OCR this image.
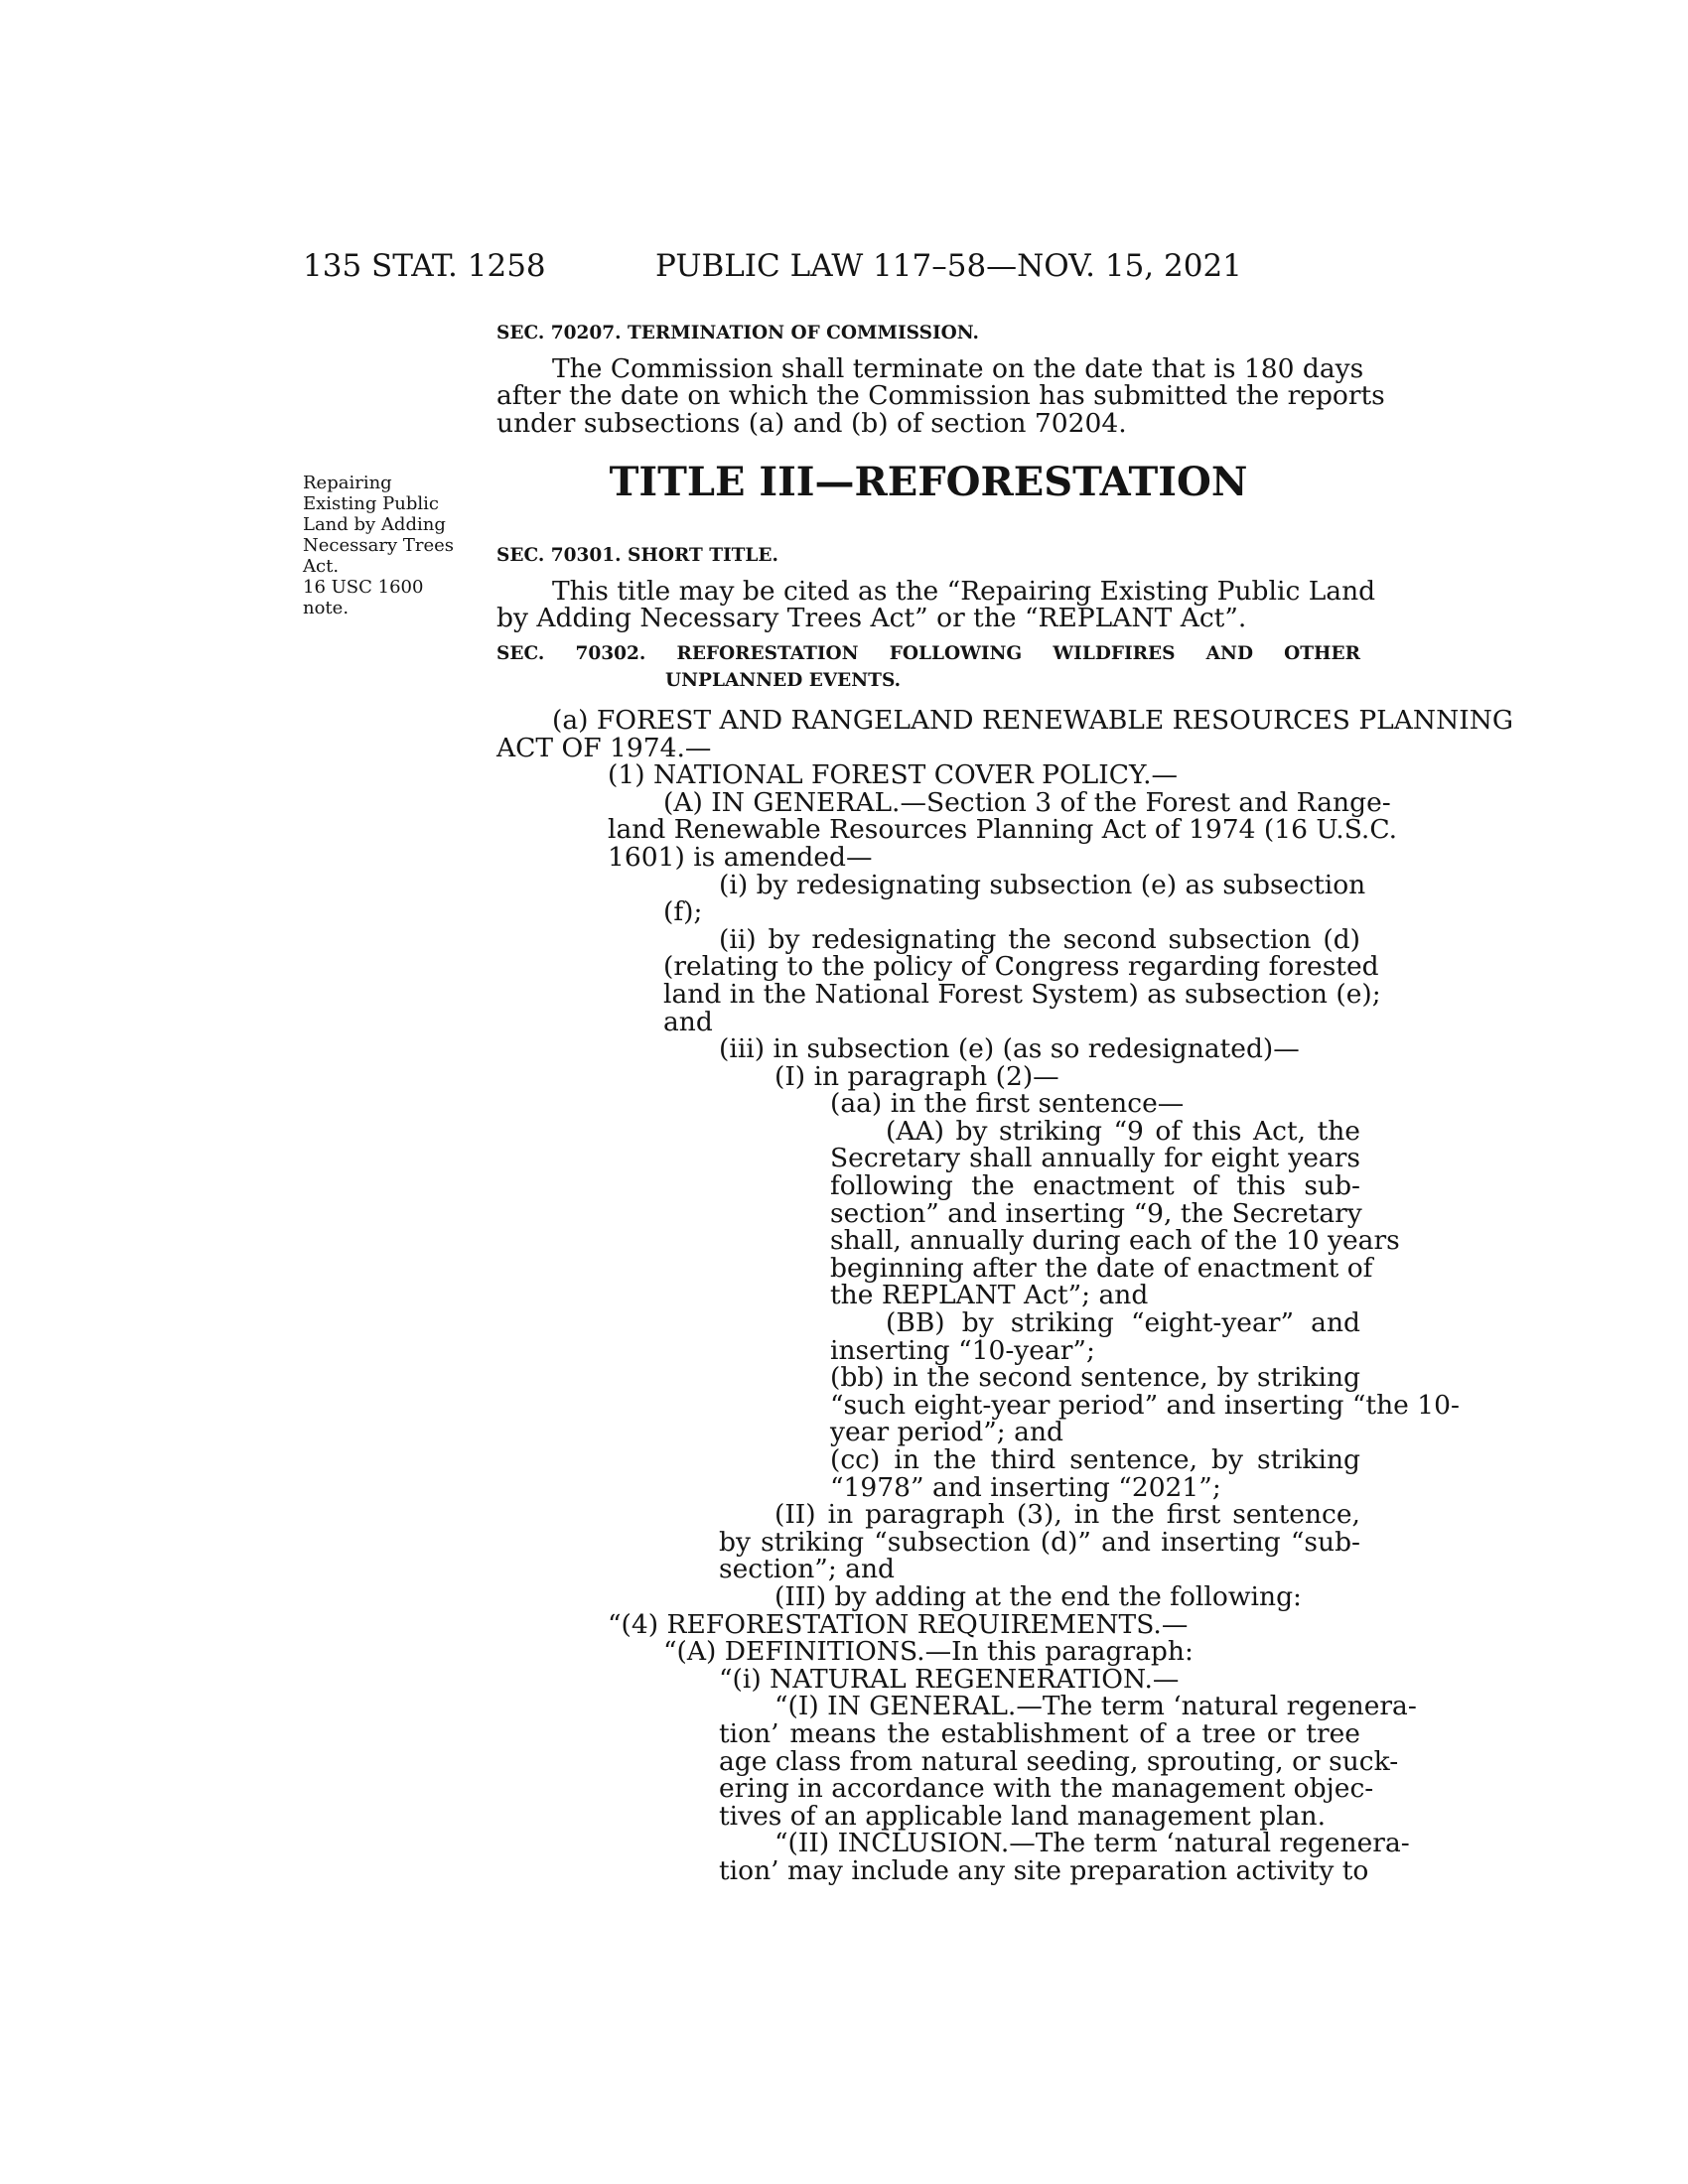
135 STAT. 1258	PUBLIC LAW 117–58—NOV. 15, 2021
Repairing
Existing Public
Land by Adding
Necessary Trees
Act.
16 USC 1600
note.
TITLE III—REFORESTATION
SEC. 70207. TERMINATION OF COMMISSION.
The Commission shall terminate on the date that is 180 days
after the date on which the Commission has submitted the reports
under subsections (a) and (b) of section 70204.
SEC. 70301. SHORT TITLE.
This title may be cited as the “Repairing Existing Public Land
by Adding Necessary Trees Act” or the “REPLANT Act”.
SEC. 70302. REFORESTATION FOLLOWING WILDFIRES AND OTHER
UNPLANNED EVENTS.
(a) FOREST AND RANGELAND RENEWABLE RESOURCES PLANNING
ACT OF 1974.—
(1) NATIONAL FOREST COVER POLICY.—
(A) IN GENERAL.—Section 3 of the Forest and Range-
land Renewable Resources Planning Act of 1974 (16 U.S.C.
1601) is amended—
(i) by redesignating subsection (e) as subsection
(f);
(ii) by redesignating the second subsection (d)
(relating to the policy of Congress regarding forested
land in the National Forest System) as subsection (e);
and
(iii) in subsection (e) (as so redesignated)—
(I) in paragraph (2)—
(aa) in the first sentence—
(AA) by striking “9 of this Act, the
Secretary shall annually for eight years
following the enactment of this sub-
section” and inserting “9, the Secretary
shall, annually during each of the 10 years
beginning after the date of enactment of
the REPLANT Act”; and
(BB) by striking “eight-year” and
inserting “10-year”;
(bb) in the second sentence, by striking
“such eight-year period” and inserting “the 10-
year period”; and
(cc) in the third sentence, by striking
“1978” and inserting “2021”;
(II) in paragraph (3), in the first sentence,
by striking “subsection (d)” and inserting “sub-
section”; and
(III) by adding at the end the following:
“(4) REFORESTATION REQUIREMENTS.—
“(A) DEFINITIONS.—In this paragraph:
“(i) NATURAL REGENERATION.—
“(I) IN GENERAL.—The term ‘natural regenera-
tion’ means the establishment of a tree or tree
age class from natural seeding, sprouting, or suck-
ering in accordance with the management objec-
tives of an applicable land management plan.
“(II) INCLUSION.—The term ‘natural regenera-
tion’ may include any site preparation activity to
